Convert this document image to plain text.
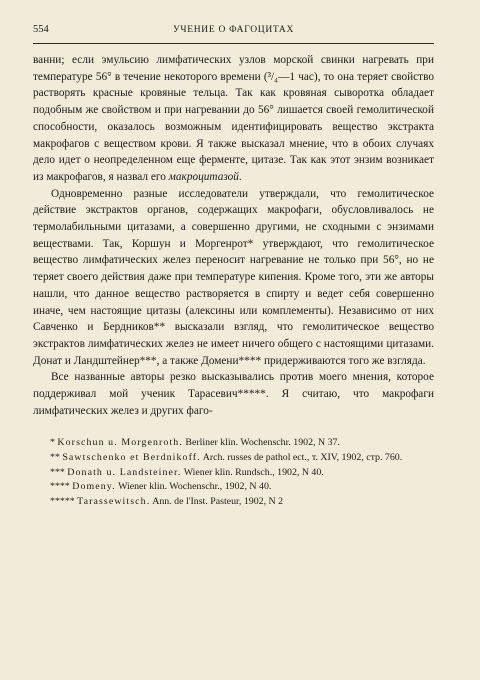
554	УЧЕНИЕ О ФАГОЦИТАХ

ванни; если эмульсию лимфатических узлов морской свинки нагревать при температуре 56° в течение некоторого времени (³/₄—1 час), то она теряет свойство растворять красные кровяные тельца. Так как кровяная сыворотка обладает подобным же свойством и при нагревании до 56° лишается своей гемолитической способности, оказалось возможным идентифицировать вещество экстракта макрофагов с веществом крови. Я также высказал мнение, что в обоих случаях дело идет о неопределенном еще ферменте, цитазе. Так как этот энзим возникает из макрофагов, я назвал его макроцитазой.

Одновременно разные исследователи утверждали, что гемолитическое действие экстрактов органов, содержащих макрофаги, обусловливалось не термолабильными цитазами, а совершенно другими, не сходными с энзимами веществами. Так, Коршун и Моргенрот* утверждают, что гемолитическое вещество лимфатических желез переносит нагревание не только при 56°, но не теряет своего действия даже при температуре кипения. Кроме того, эти же авторы нашли, что данное вещество растворяется в спирту и ведет себя совершенно иначе, чем настоящие цитазы (алексины или комплементы). Независимо от них Савченко и Бердников** высказали взгляд, что гемолитическое вещество экстрактов лимфатических желез не имеет ничего общего с настоящими цитазами. Донат и Ландштейнер***, а также Домени**** придерживаются того же взгляда.

Все названные авторы резко высказывались против моего мнения, которое поддерживал мой ученик Тарасевич*****. Я считаю, что макрофаги лимфатических желез и других фаго-

* Korschun u. Morgenroth. Berliner klin. Wochenschr. 1902, N 37.
** Sawtschenko et Berdnikoff. Arch. russes de pathol ect., т. XIV, 1902, стр. 760.
*** Donath u. Landsteiner. Wiener klin. Rundsch., 1902, N 40.
**** Domeny. Wiener klin. Wochenschr., 1902, N 40.
***** Tarassewitsch. Ann. de l'Inst. Pasteur, 1902, N 2
